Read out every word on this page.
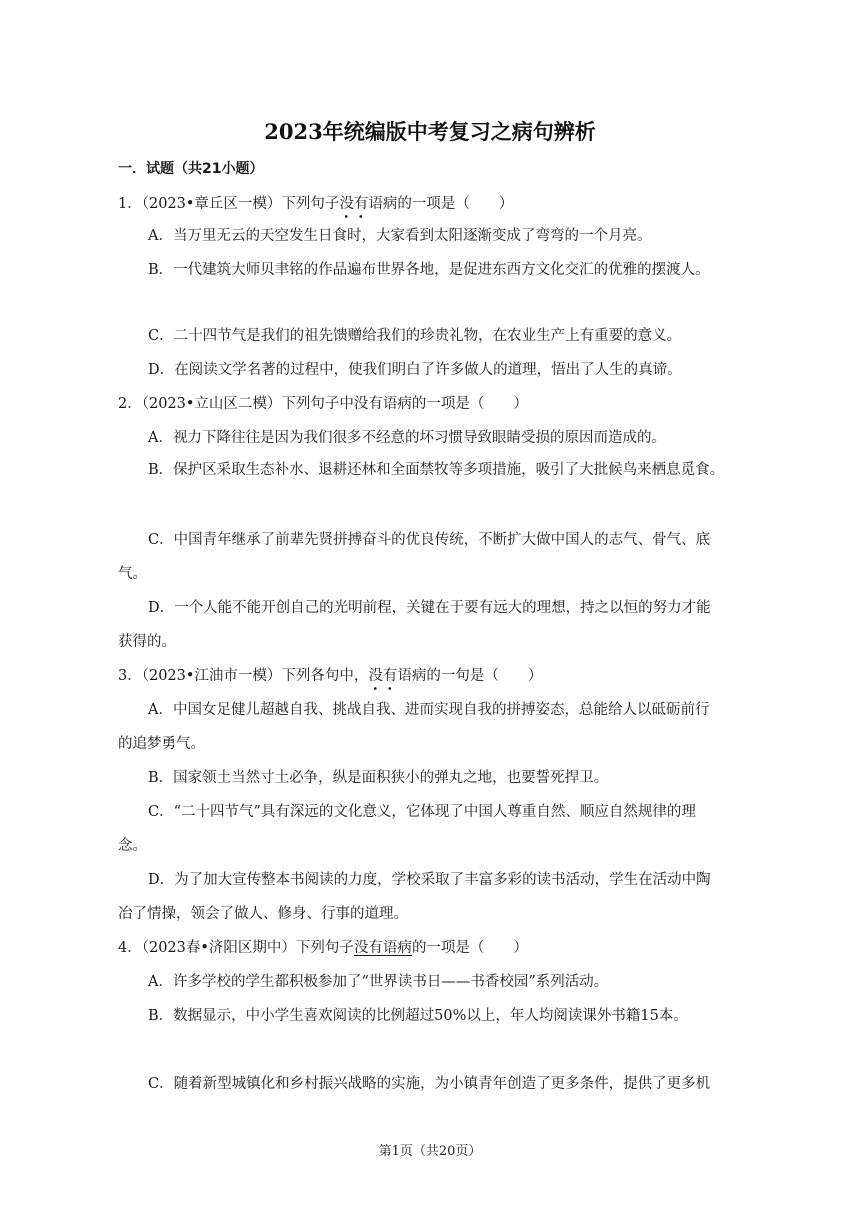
2023年统编版中考复习之病句辨析
一．试题（共21小题）
1．（2023•章丘区一模）下列句子没有语病的一项是（　　）
A．当万里无云的天空发生日食时，大家看到太阳逐渐变成了弯弯的一个月亮。
B．一代建筑大师贝聿铭的作品遍布世界各地，是促进东西方文化交汇的优雅的摆渡人。
C．二十四节气是我们的祖先馈赠给我们的珍贵礼物，在农业生产上有重要的意义。
D．在阅读文学名著的过程中，使我们明白了许多做人的道理，悟出了人生的真谛。
2．（2023•立山区二模）下列句子中没有语病的一项是（　　）
A．视力下降往往是因为我们很多不经意的坏习惯导致眼睛受损的原因而造成的。
B．保护区采取生态补水、退耕还林和全面禁牧等多项措施，吸引了大批候鸟来栖息觅食。
C．中国青年继承了前辈先贤拼搏奋斗的优良传统，不断扩大做中国人的志气、骨气、底
气。
D．一个人能不能开创自己的光明前程，关键在于要有远大的理想，持之以恒的努力才能
获得的。
3．（2023•江油市一模）下列各句中，没有语病的一句是（　　）
A．中国女足健儿超越自我、挑战自我、进而实现自我的拼搏姿态，总能给人以砥砺前行
的追梦勇气。
B．国家领土当然寸土必争，纵是面积狭小的弹丸之地，也要誓死捍卫。
C．“二十四节气”具有深远的文化意义，它体现了中国人尊重自然、顺应自然规律的理
念。
D．为了加大宣传整本书阅读的力度，学校采取了丰富多彩的读书活动，学生在活动中陶
冶了情操，领会了做人、修身、行事的道理。
4．（2023春•济阳区期中）下列句子没有语病的一项是（　　）
A．许多学校的学生都积极参加了“世界读书日——书香校园”系列活动。
B．数据显示，中小学生喜欢阅读的比例超过50%以上，年人均阅读课外书籍15本。
C．随着新型城镇化和乡村振兴战略的实施，为小镇青年创造了更多条件，提供了更多机
第1页（共20页）
